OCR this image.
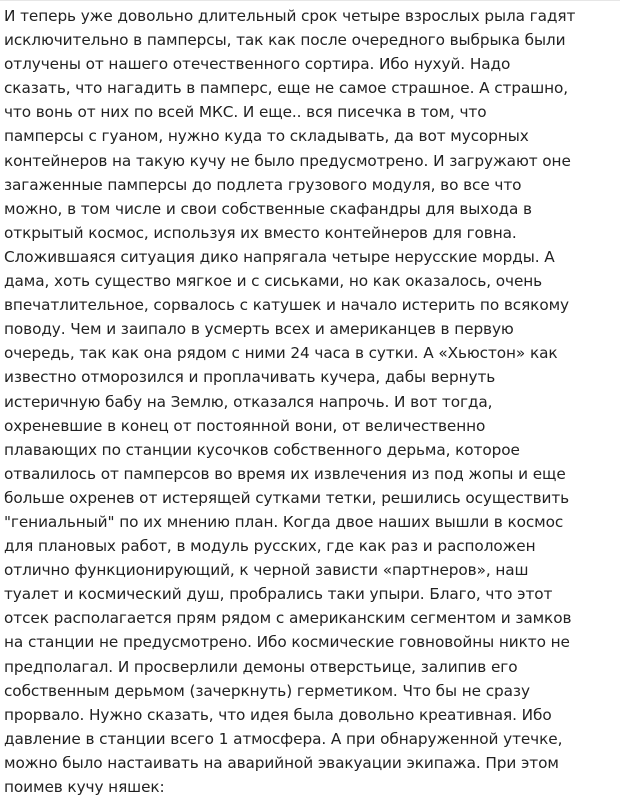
И теперь уже довольно длительный срок четыре взрослых рыла гадят
исключительно в памперсы, так как после очередного выбрыка были
отлучены от нашего отечественного сортира. Ибо нухуй. Надо
сказать, что нагадить в памперс, еще не самое страшное. А страшно,
что вонь от них по всей МКС. И еще.. вся писечка в том, что
памперсы с гуаном, нужно куда то складывать, да вот мусорных
контейнеров на такую кучу не было предусмотрено. И загружают оне
загаженные памперсы до подлета грузового модуля, во все что
можно, в том числе и свои собственные скафандры для выхода в
открытый космос, используя их вместо контейнеров для говна.
Сложившаяся ситуация дико напрягала четыре нерусские морды. А
дама, хоть существо мягкое и с сиськами, но как оказалось, очень
впечатлительное, сорвалось с катушек и начало истерить по всякому
поводу. Чем и заипало в усмерть всех и американцев в первую
очередь, так как она рядом с ними 24 часа в сутки. А «Хьюстон» как
известно отморозился и проплачивать кучера, дабы вернуть
истеричную бабу на Землю, отказался напрочь. И вот тогда,
охреневшие в конец от постоянной вони, от величественно
плавающих по станции кусочков собственного дерьма, которое
отвалилось от памперсов во время их извлечения из под жопы и еще
больше охренев от истерящей сутками тетки, решились осуществить
"гениальный" по их мнению план. Когда двое наших вышли в космос
для плановых работ, в модуль русских, где как раз и расположен
отлично функционирующий, к черной зависти «партнеров», наш
туалет и космический душ, пробрались таки упыри. Благо, что этот
отсек располагается прям рядом с американским сегментом и замков
на станции не предусмотрено. Ибо космические говновойны никто не
предполагал. И просверлили демоны отверстьице, залипив его
собственным дерьмом (зачеркнуть) герметиком. Что бы не сразу
прорвало. Нужно сказать, что идея была довольно креативная. Ибо
давление в станции всего 1 атмосфера. А при обнаруженной утечке,
можно было настаивать на аварийной эвакуации экипажа. При этом
поимев кучу няшек:
